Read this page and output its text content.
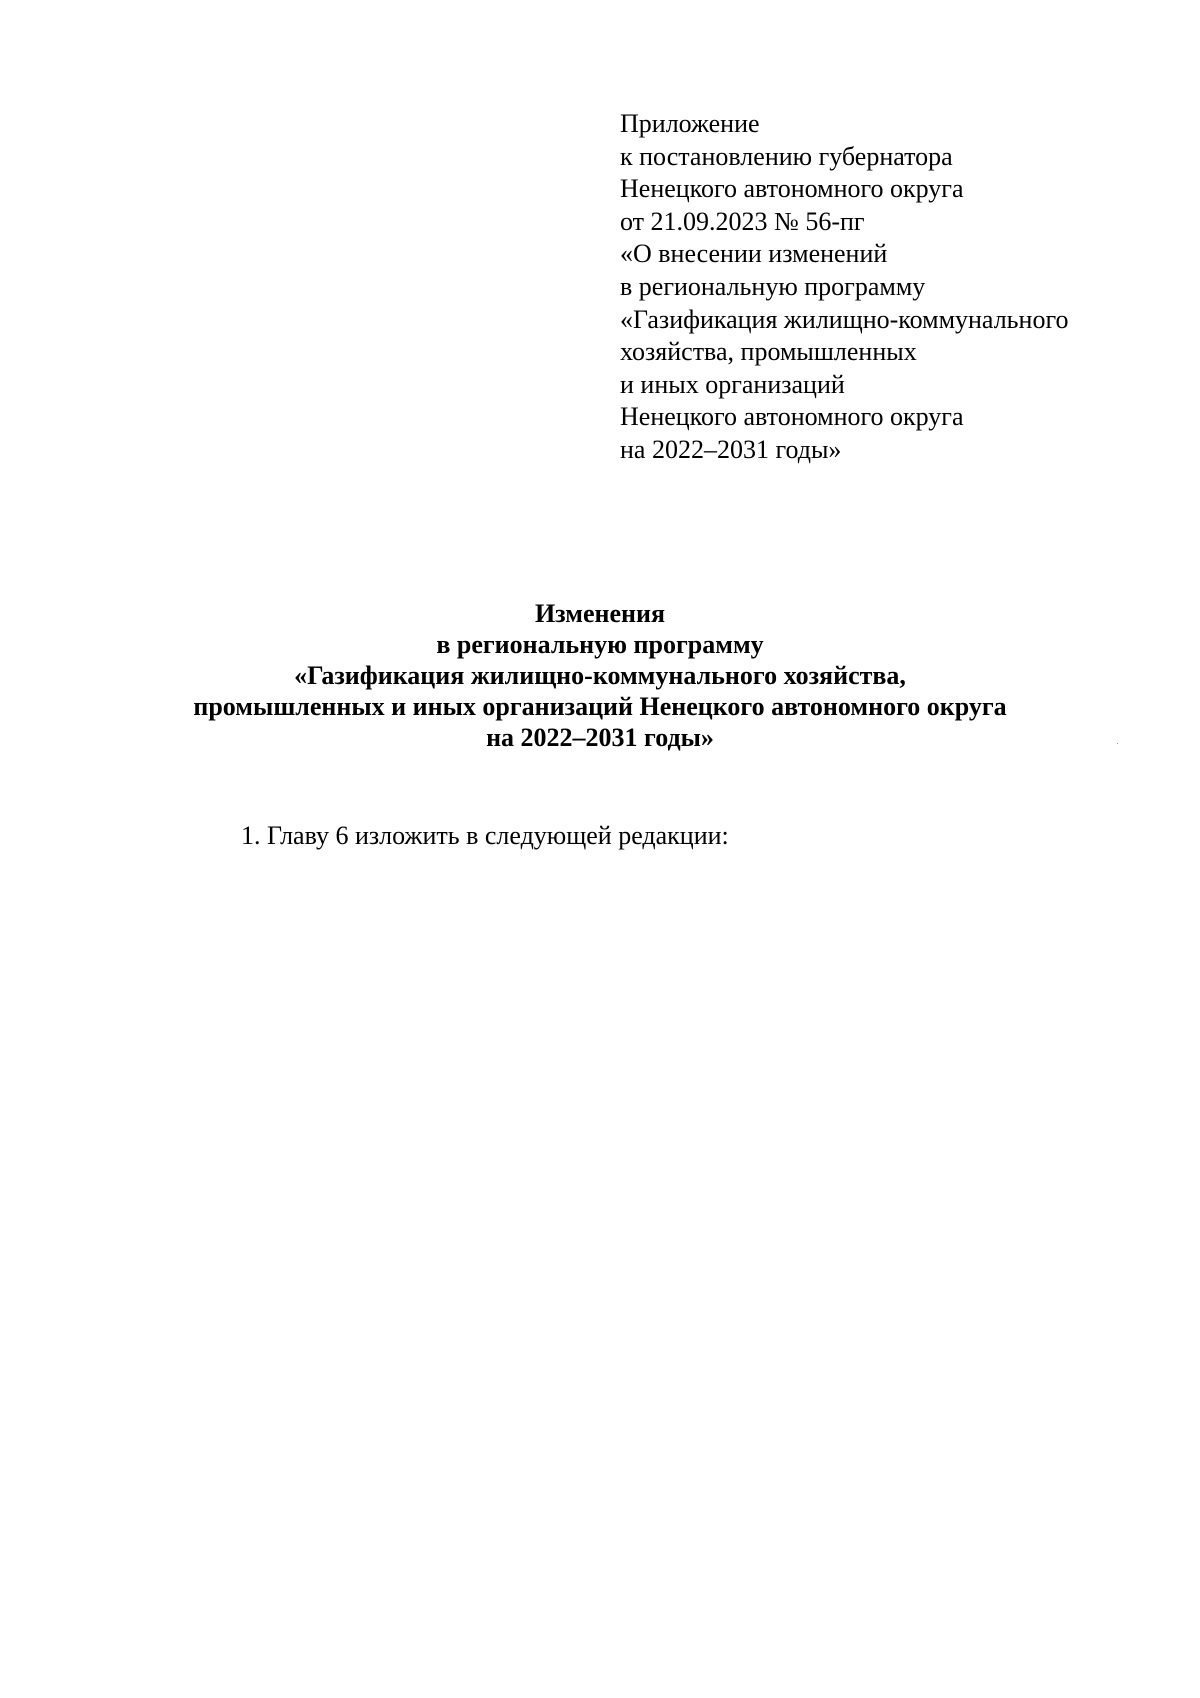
Приложение
к постановлению губернатора
Ненецкого автономного округа
от 21.09.2023 № 56-пг
«О внесении изменений
в региональную программу
«Газификация жилищно-коммунального
хозяйства, промышленных
и иных организаций
Ненецкого автономного округа
на 2022–2031 годы»
Изменения
в региональную программу
«Газификация жилищно-коммунального хозяйства,
промышленных и иных организаций Ненецкого автономного округа
на 2022–2031 годы»

1. Главу 6 изложить в следующей редакции:
